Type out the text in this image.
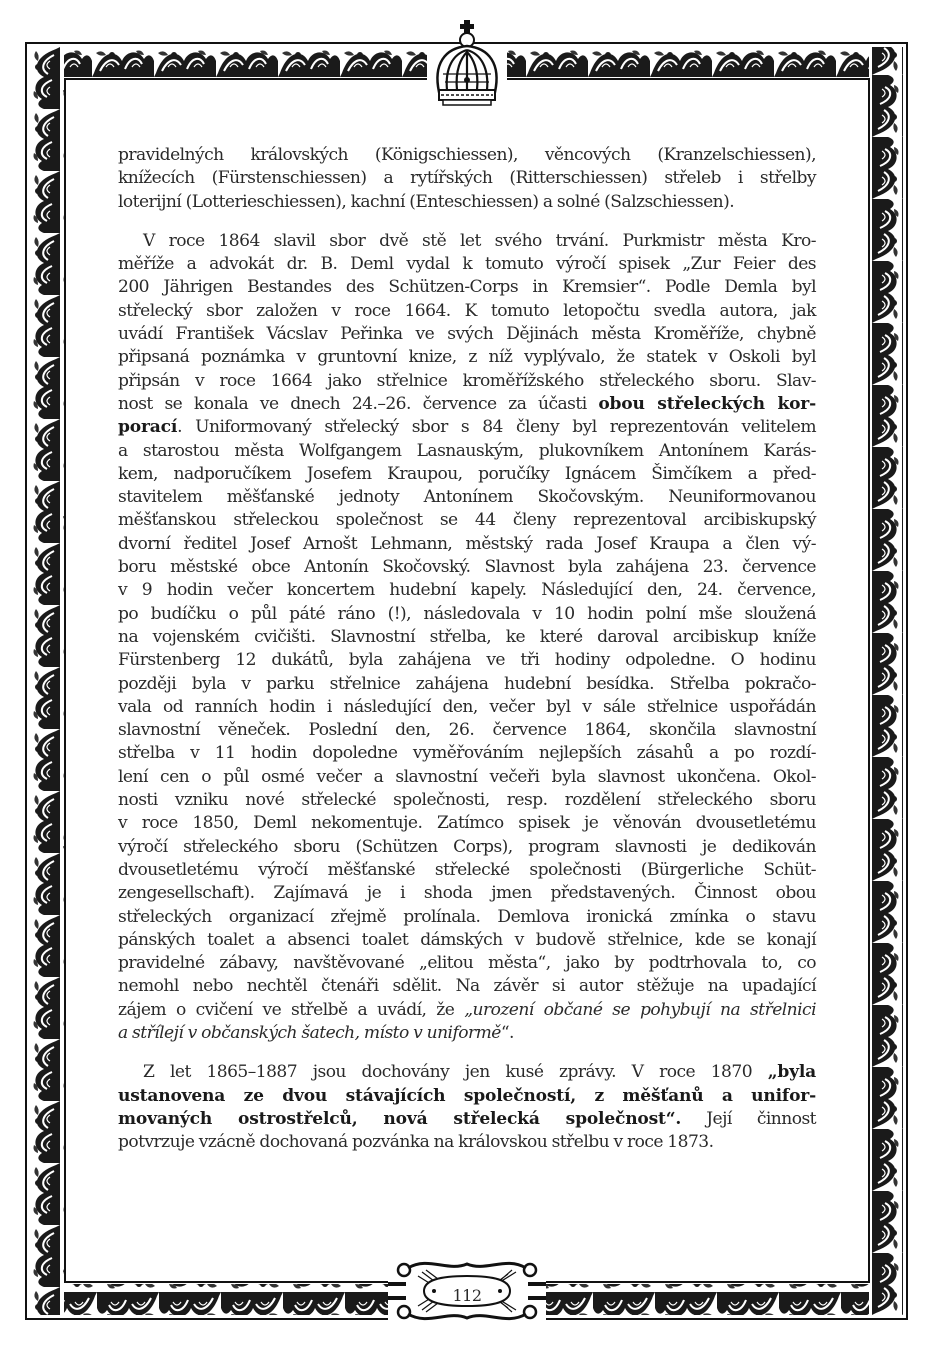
pravidelných královských (Königschiessen), věncových (Kranzelschiessen),
knížecích (Fürstenschiessen) a rytířských (Ritterschiessen) střeleb i střelby
loterijní (Lotterieschiessen), kachní (Enteschiessen) a solné (Salzschiessen).

V roce 1864 slavil sbor dvě stě let svého trvání. Purkmistr města Kro-
měříže a advokát dr. B. Deml vydal k tomuto výročí spisek „Zur Feier des
200 Jährigen Bestandes des Schützen-Corps in Kremsier“. Podle Demla byl
střelecký sbor založen v roce 1664. K tomuto letopočtu svedla autora, jak
uvádí František Vácslav Peřinka ve svých Dějinách města Kroměříže, chybně
připsaná poznámka v gruntovní knize, z níž vyplývalo, že statek v Oskoli byl
připsán v roce 1664 jako střelnice kroměřížského střeleckého sboru. Slav-
nost se konala ve dnech 24.–26. července za účasti obou střeleckých kor-
porací. Uniformovaný střelecký sbor s 84 členy byl reprezentován velitelem
a starostou města Wolfgangem Lasnauským, plukovníkem Antonínem Karás-
kem, nadporučíkem Josefem Kraupou, poručíky Ignácem Šimčíkem a před-
stavitelem měšťanské jednoty Antonínem Skočovským. Neuniformovanou
měšťanskou střeleckou společnost se 44 členy reprezentoval arcibiskupský
dvorní ředitel Josef Arnošt Lehmann, městský rada Josef Kraupa a člen vý-
boru městské obce Antonín Skočovský. Slavnost byla zahájena 23. července
v 9 hodin večer koncertem hudební kapely. Následující den, 24. července,
po budíčku o půl páté ráno (!), následovala v 10 hodin polní mše sloužená
na vojenském cvičišti. Slavnostní střelba, ke které daroval arcibiskup kníže
Fürstenberg 12 dukátů, byla zahájena ve tři hodiny odpoledne. O hodinu
později byla v parku střelnice zahájena hudební besídka. Střelba pokračo-
vala od ranních hodin i následující den, večer byl v sále střelnice uspořádán
slavnostní věneček. Poslední den, 26. července 1864, skončila slavnostní
střelba v 11 hodin dopoledne vyměřováním nejlepších zásahů a po rozdí-
lení cen o půl osmé večer a slavnostní večeři byla slavnost ukončena. Okol-
nosti vzniku nové střelecké společnosti, resp. rozdělení střeleckého sboru
v roce 1850, Deml nekomentuje. Zatímco spisek je věnován dvousetletému
výročí střeleckého sboru (Schützen Corps), program slavnosti je dedikován
dvousetletému výročí měšťanské střelecké společnosti (Bürgerliche Schüt-
zengesellschaft). Zajímavá je i shoda jmen představených. Činnost obou
střeleckých organizací zřejmě prolínala. Demlova ironická zmínka o stavu
pánských toalet a absenci toalet dámských v budově střelnice, kde se konají
pravidelné zábavy, navštěvované „elitou města“, jako by podtrhovala to, co
nemohl nebo nechtěl čtenáři sdělit. Na závěr si autor stěžuje na upadající
zájem o cvičení ve střelbě a uvádí, že „urození občané se pohybují na střelnici
a střílejí v občanských šatech, místo v uniformě“.

Z let 1865–1887 jsou dochovány jen kusé zprávy. V roce 1870 „byla
ustanovena ze dvou stávajících společností, z měšťanů a unifor-
movaných ostrostřelců, nová střelecká společnost“. Její činnost
potvrzuje vzácně dochovaná pozvánka na královskou střelbu v roce 1873.

112
